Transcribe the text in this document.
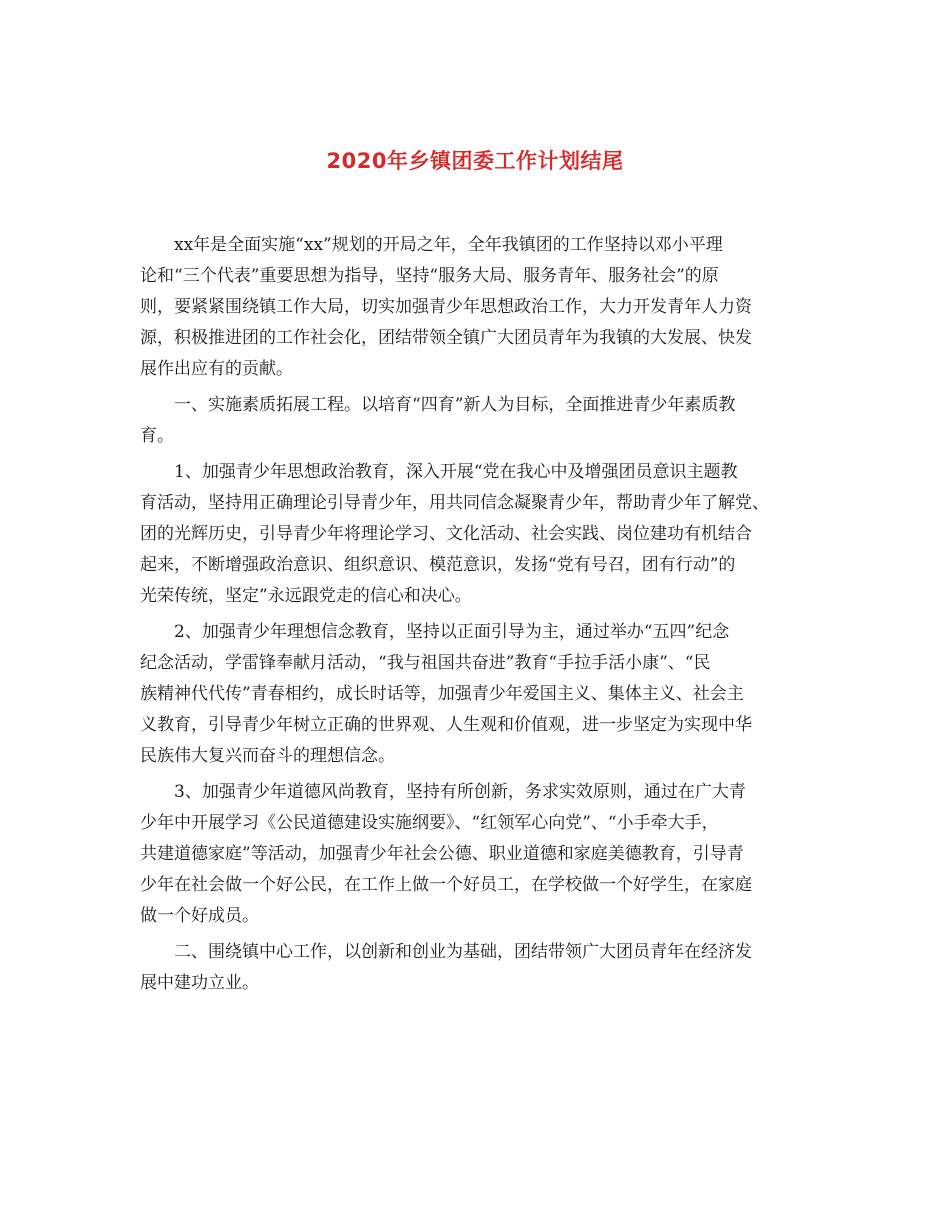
2020年乡镇团委工作计划结尾

xx年是全面实施“xx”规划的开局之年，全年我镇团的工作坚持以邓小平理
论和“三个代表”重要思想为指导，坚持“服务大局、服务青年、服务社会”的原
则，要紧紧围绕镇工作大局，切实加强青少年思想政治工作，大力开发青年人力资
源，积极推进团的工作社会化，团结带领全镇广大团员青年为我镇的大发展、快发
展作出应有的贡献。

一、实施素质拓展工程。以培育“四育”新人为目标，全面推进青少年素质教
育。

1、加强青少年思想政治教育，深入开展“党在我心中及增强团员意识主题教
育活动，坚持用正确理论引导青少年，用共同信念凝聚青少年，帮助青少年了解党、
团的光辉历史，引导青少年将理论学习、文化活动、社会实践、岗位建功有机结合
起来，不断增强政治意识、组织意识、模范意识，发扬“党有号召，团有行动”的
光荣传统，坚定”永远跟党走的信心和决心。

2、加强青少年理想信念教育，坚持以正面引导为主，通过举办“五四”纪念
纪念活动，学雷锋奉献月活动，“我与祖国共奋进”教育“手拉手活小康”、“民
族精神代代传”青春相约，成长时话等，加强青少年爱国主义、集体主义、社会主
义教育，引导青少年树立正确的世界观、人生观和价值观，进一步坚定为实现中华
民族伟大复兴而奋斗的理想信念。

3、加强青少年道德风尚教育，坚持有所创新，务求实效原则，通过在广大青
少年中开展学习《公民道德建设实施纲要》、“红领军心向党”、“小手牵大手，
共建道德家庭”等活动，加强青少年社会公德、职业道德和家庭美德教育，引导青
少年在社会做一个好公民，在工作上做一个好员工，在学校做一个好学生，在家庭
做一个好成员。

二、围绕镇中心工作，以创新和创业为基础，团结带领广大团员青年在经济发
展中建功立业。
